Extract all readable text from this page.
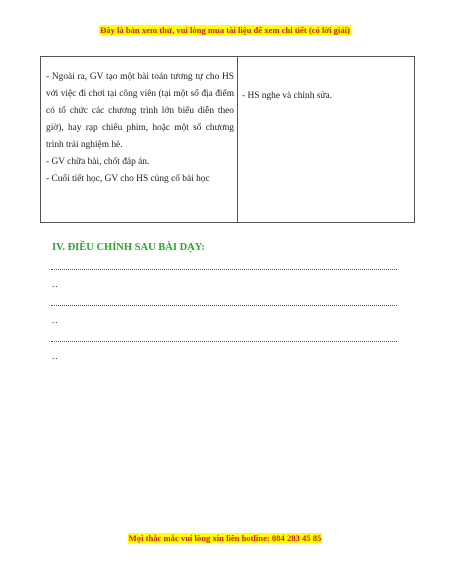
Đây là bản xem thử, vui lòng mua tài liệu để xem chi tiết (có lời giải)
- Ngoài ra, GV tạo một bài toán tương tự cho HS với việc đi chơi tại công viên (tại một số địa điểm có tổ chức các chương trình lớn biểu diễn theo giờ), hay rạp chiếu phim, hoặc một số chương trình trải nghiệm hè.
- GV chữa bài, chốt đáp án.
- Cuối tiết học, GV cho HS củng cố bài học
- HS nghe và chỉnh sửa.
IV. ĐIỀU CHỈNH SAU BÀI DẠY:
..
..
..
Mọi thắc mắc vui lòng xin liên hotline: 084 283 45 85
